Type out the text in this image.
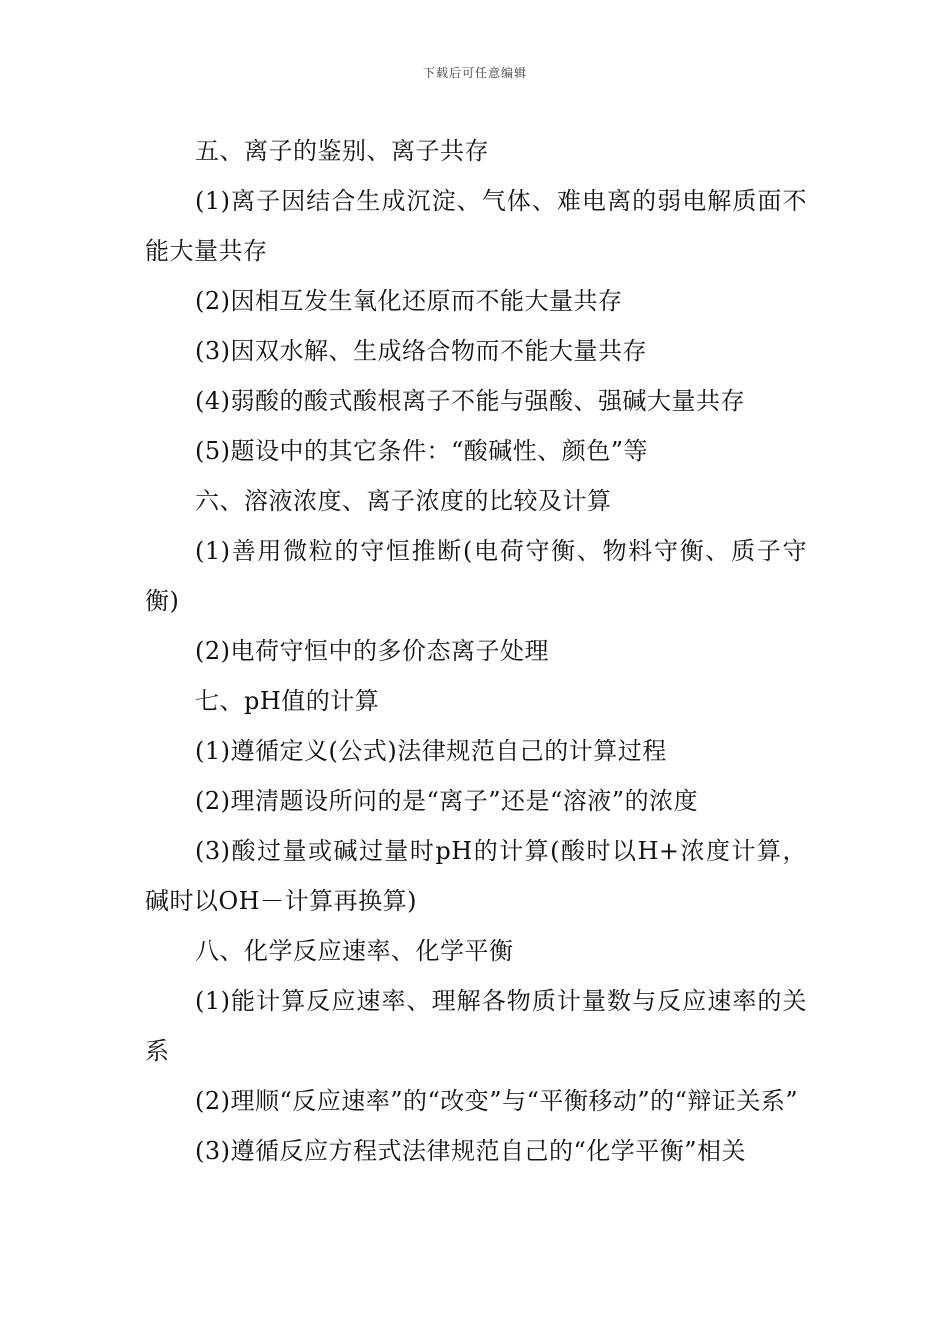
下载后可任意编辑

五、离子的鉴别、离子共存

(1)离子因结合生成沉淀、气体、难电离的弱电解质面不能大量共存

(2)因相互发生氧化还原而不能大量共存

(3)因双水解、生成络合物而不能大量共存

(4)弱酸的酸式酸根离子不能与强酸、强碱大量共存

(5)题设中的其它条件：“酸碱性、颜色”等

六、溶液浓度、离子浓度的比较及计算

(1)善用微粒的守恒推断(电荷守衡、物料守衡、质子守衡)

(2)电荷守恒中的多价态离子处理

七、pH值的计算

(1)遵循定义(公式)法律规范自己的计算过程

(2)理清题设所问的是“离子”还是“溶液”的浓度

(3)酸过量或碱过量时pH的计算(酸时以H+浓度计算，碱时以OH－计算再换算)

八、化学反应速率、化学平衡

(1)能计算反应速率、理解各物质计量数与反应速率的关系

(2)理顺“反应速率”的“改变”与“平衡移动”的“辩证关系”

(3)遵循反应方程式法律规范自己的“化学平衡”相关
